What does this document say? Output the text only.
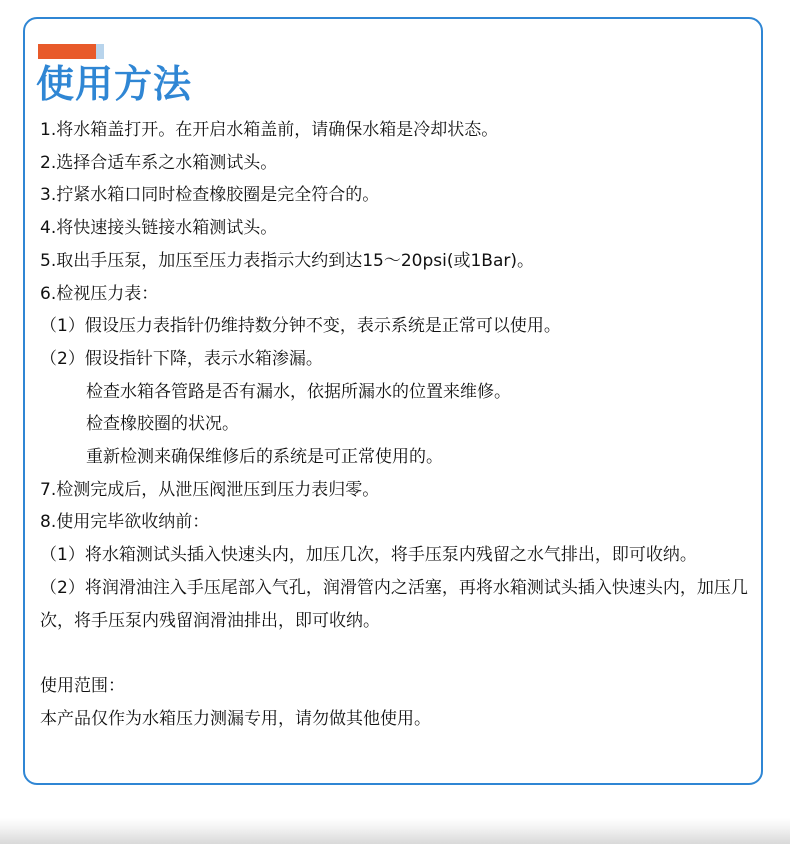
使用方法
1.将水箱盖打开。在开启水箱盖前，请确保水箱是冷却状态。
2.选择合适车系之水箱测试头。
3.拧紧水箱口同时检查橡胶圈是完全符合的。
4.将快速接头链接水箱测试头。
5.取出手压泵，加压至压力表指示大约到达15～20psi(或1Bar)。
6.检视压力表：
（1）假设压力表指针仍维持数分钟不变，表示系统是正常可以使用。
（2）假设指针下降，表示水箱渗漏。
检查水箱各管路是否有漏水，依据所漏水的位置来维修。
检查橡胶圈的状况。
重新检测来确保维修后的系统是可正常使用的。
7.检测完成后，从泄压阀泄压到压力表归零。
8.使用完毕欲收纳前：
（1）将水箱测试头插入快速头内，加压几次，将手压泵内残留之水气排出，即可收纳。
（2）将润滑油注入手压尾部入气孔，润滑管内之活塞，再将水箱测试头插入快速头内，加压几次，将手压泵内残留润滑油排出，即可收纳。
使用范围：
本产品仅作为水箱压力测漏专用，请勿做其他使用。
